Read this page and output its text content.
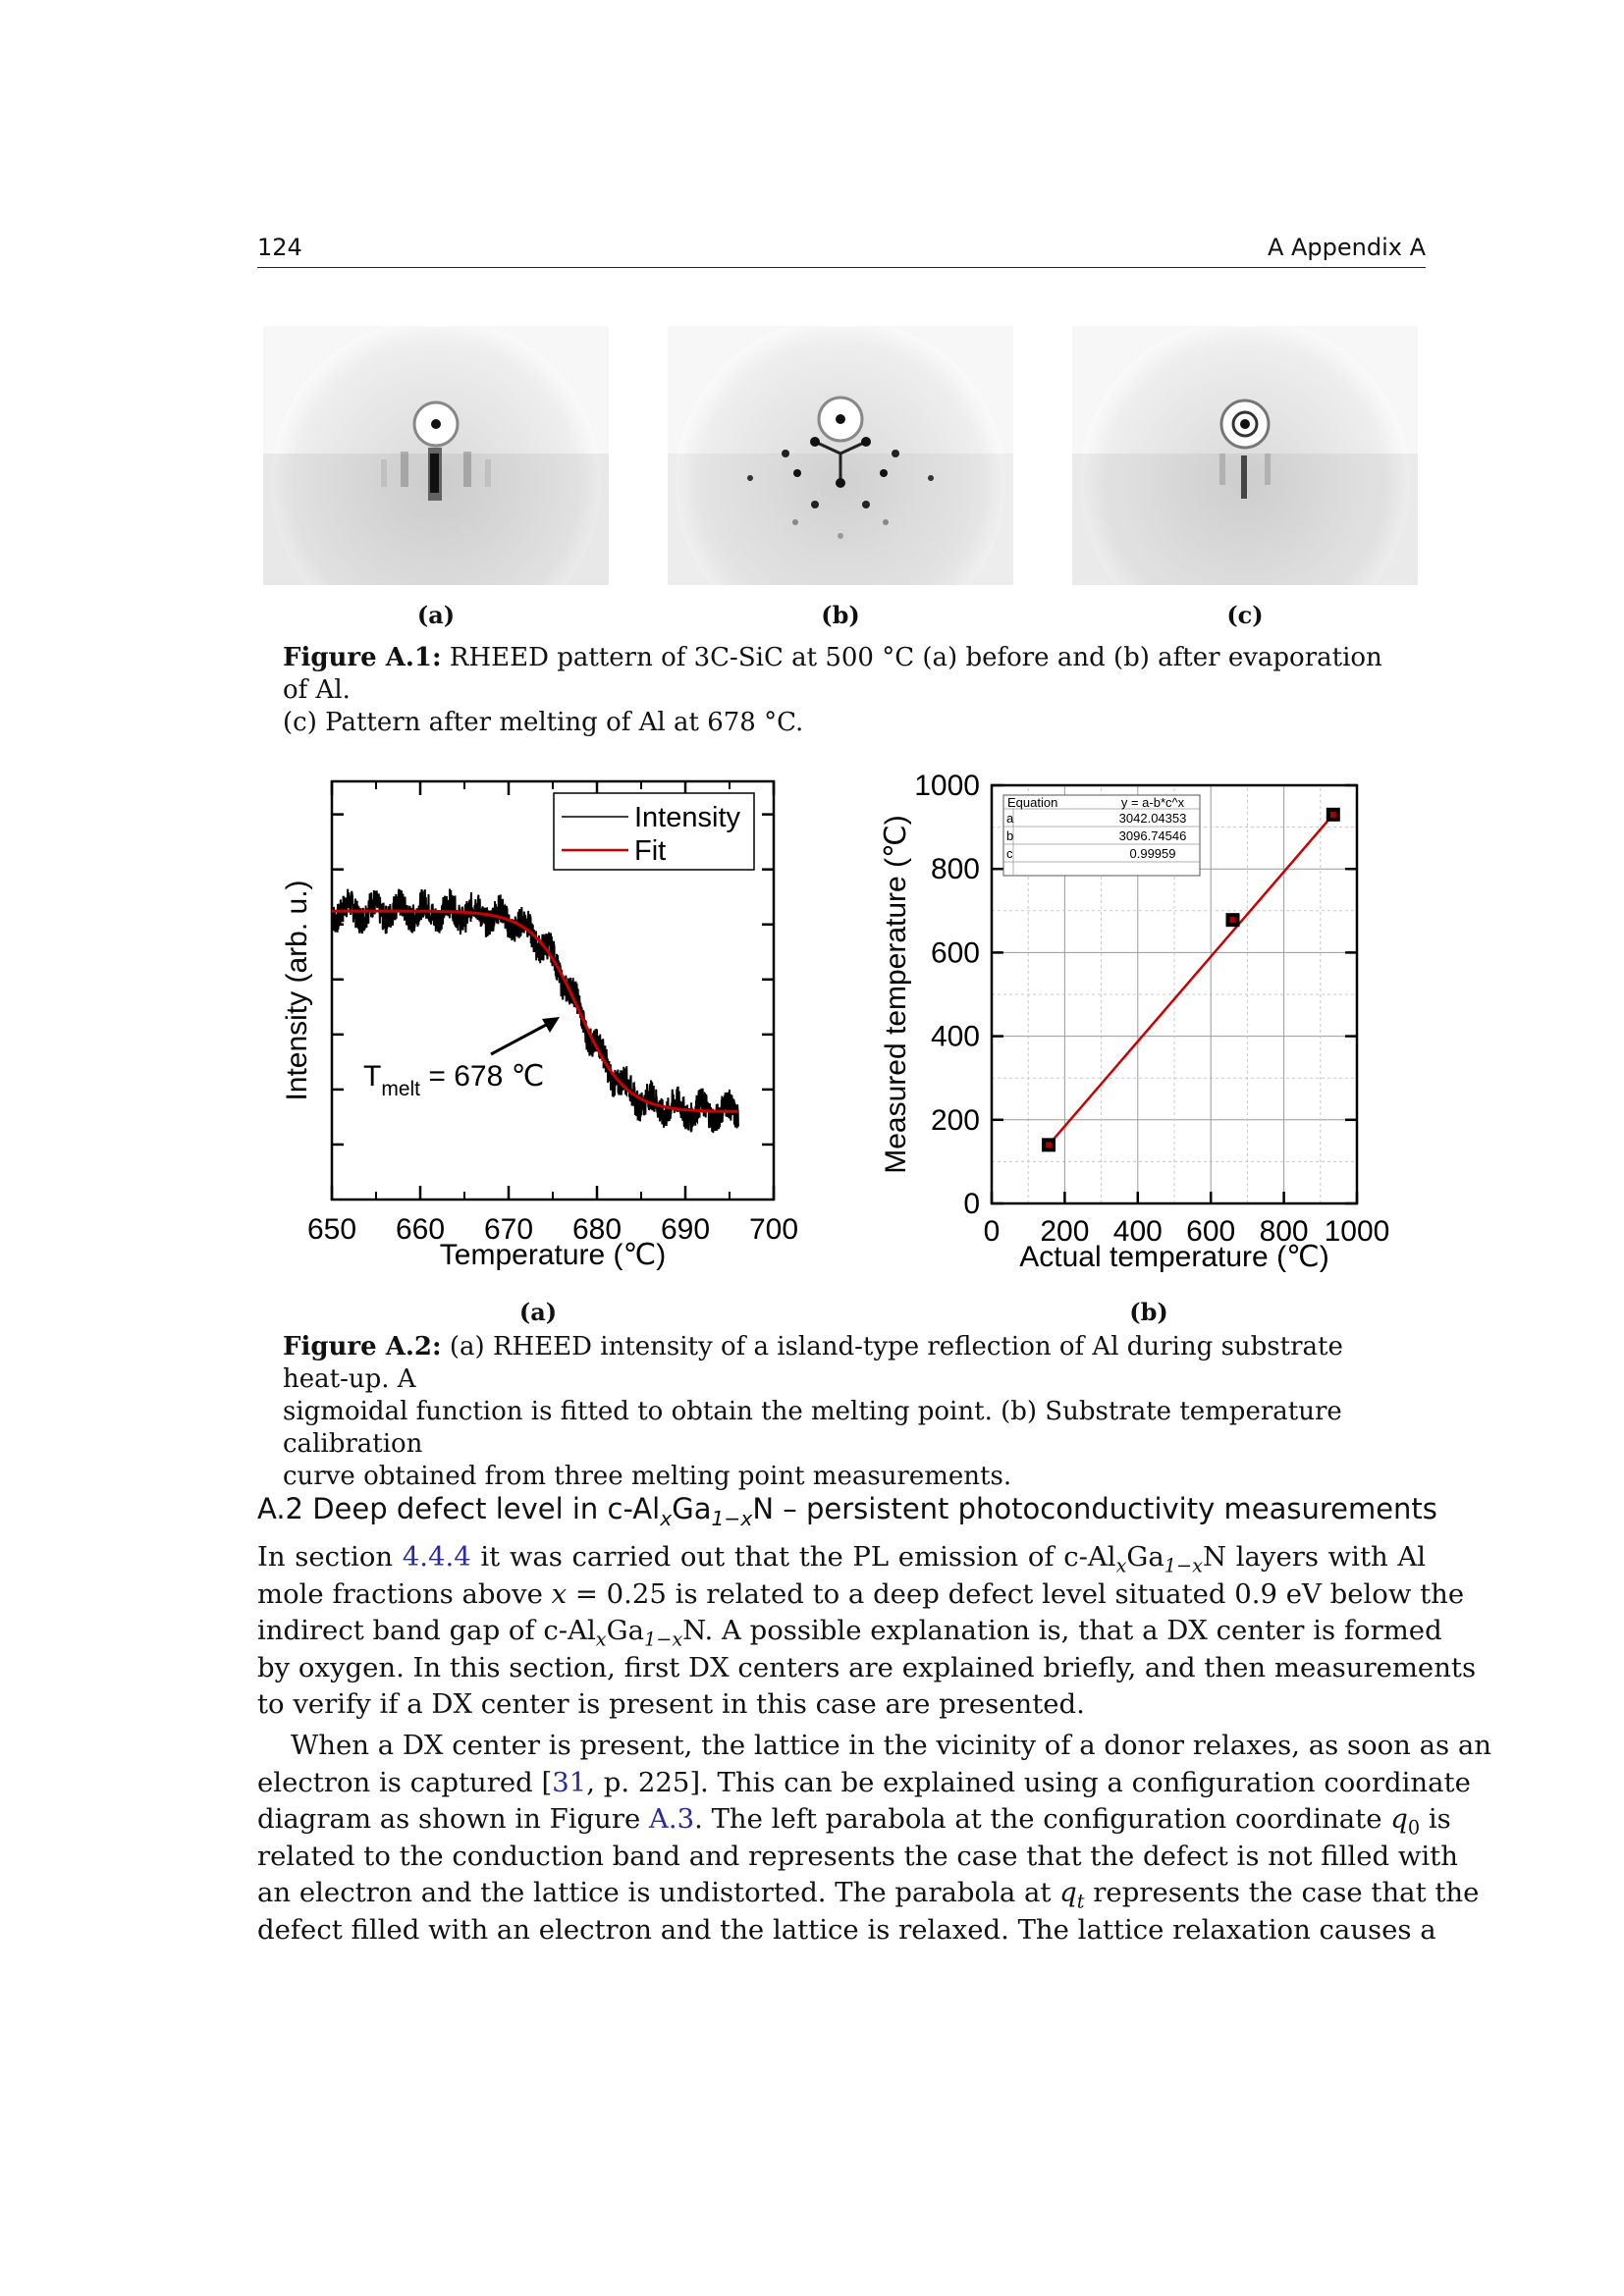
124	A Appendix A
(a)	(b)	(c)
Figure A.1: RHEED pattern of 3C-SiC at 500 °C (a) before and (b) after evaporation of Al.
(c) Pattern after melting of Al at 678 °C.
650 660 670 680 690 700
Temperature (℃)
Intensity (arb. u.)
Intensity
Fit
$T_{melt} = 678$ ℃
0 200 400 600 800 1000
0
200
400
600
800
1000
Actual temperature (℃)
Measured temperature (℃)
Equation	y = a-b*c^x
a	3042.04353
b	3096.74546
c	0.99959
(a)	(b)
Figure A.2: (a) RHEED intensity of a island-type reflection of Al during substrate heat-up. A
sigmoidal function is fitted to obtain the melting point. (b) Substrate temperature calibration
curve obtained from three melting point measurements.
A.2 Deep defect level in $c-Al_xGa_{1-x}N$ – persistent photoconductivity measurements
In section 4.4.4 it was carried out that the PL emission of $c-Al_xGa_{1-x}N$ layers with Al
mole fractions above x = 0.25 is related to a deep defect level situated 0.9 eV below the
indirect band gap of $c-Al_xGa_{1-x}N$. A possible explanation is, that a DX center is formed
by oxygen. In this section, first DX centers are explained briefly, and then measurements
to verify if a DX center is present in this case are presented.
When a DX center is present, the lattice in the vicinity of a donor relaxes, as soon as an
electron is captured [31, p. 225]. This can be explained using a configuration coordinate
diagram as shown in Figure A.3. The left parabola at the configuration coordinate $q_0$ is
related to the conduction band and represents the case that the defect is not filled with
an electron and the lattice is undistorted. The parabola at $q_t$ represents the case that the
defect filled with an electron and the lattice is relaxed. The lattice relaxation causes a
